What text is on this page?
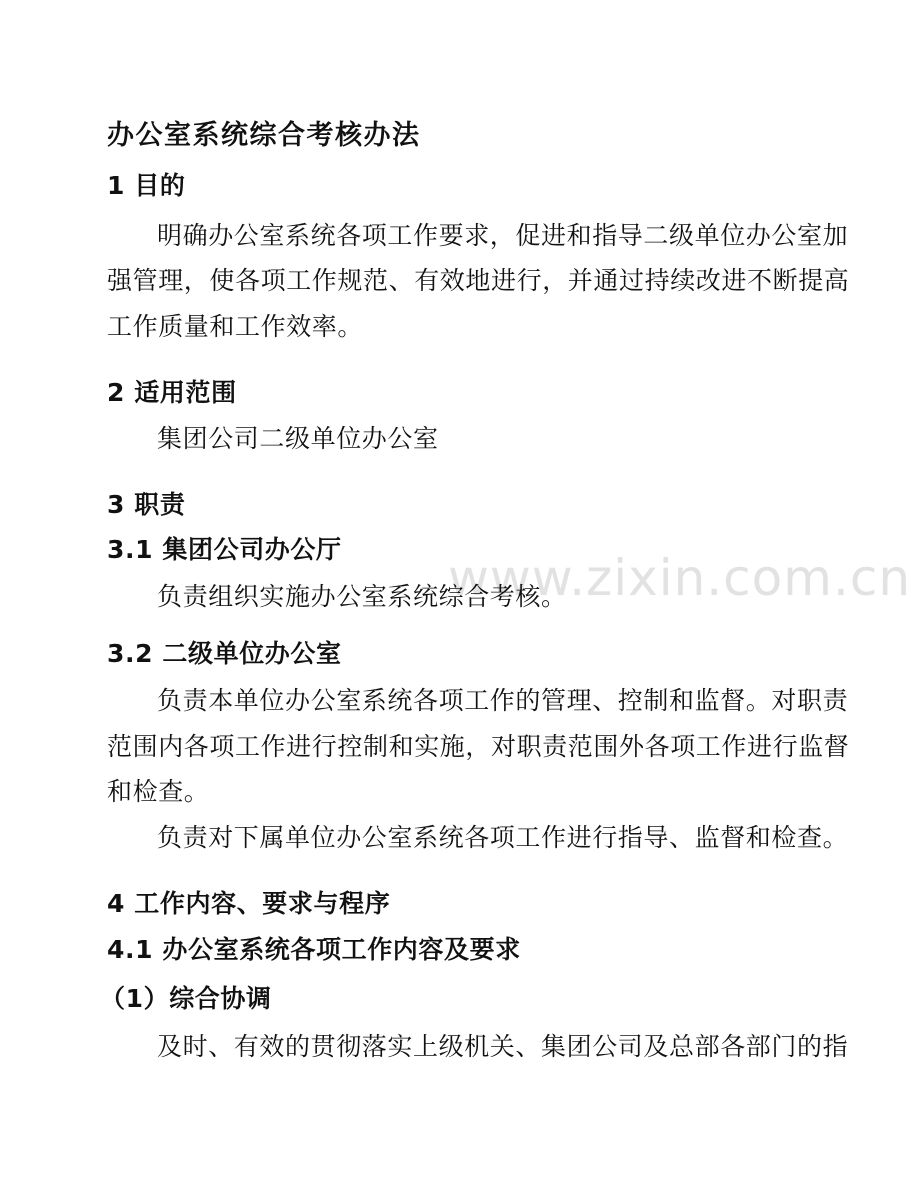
www.zixin.com.cn
办公室系统综合考核办法
1 目的
明确办公室系统各项工作要求，促进和指导二级单位办公室加
强管理，使各项工作规范、有效地进行，并通过持续改进不断提高
工作质量和工作效率。
2 适用范围
集团公司二级单位办公室
3 职责
3.1 集团公司办公厅
负责组织实施办公室系统综合考核。
3.2 二级单位办公室
负责本单位办公室系统各项工作的管理、控制和监督。对职责
范围内各项工作进行控制和实施，对职责范围外各项工作进行监督
和检查。
负责对下属单位办公室系统各项工作进行指导、监督和检查。
4 工作内容、要求与程序
4.1 办公室系统各项工作内容及要求
（1）综合协调
及时、有效的贯彻落实上级机关、集团公司及总部各部门的指
